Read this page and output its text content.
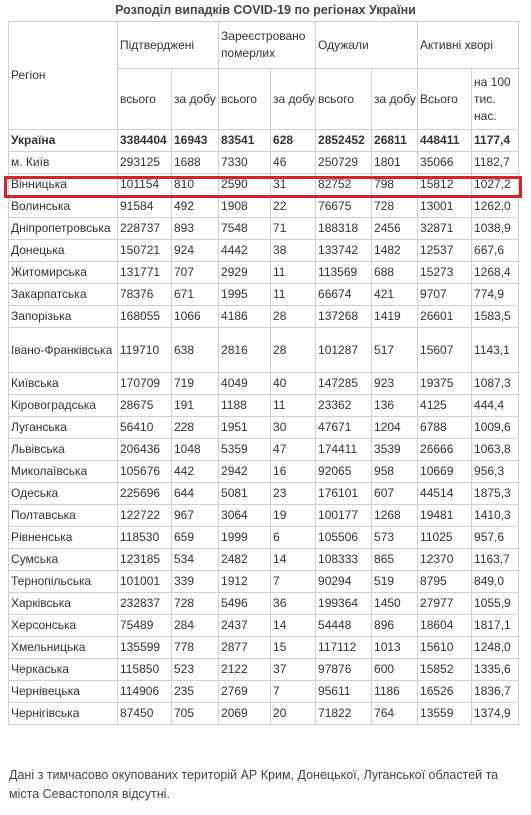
Розподіл випадків COVID-19 по регіонах України
Регіон	Підтверджені		Зареєстровано померлих		Одужали		Активні хворі	
	всього	за добу	всього	за добу	всього	за добу	Всього	на 100 тис. нас.
Україна	3384404	16943	83541	628	2852452	26811	448411	1177,4
м. Київ	293125	1688	7330	46	250729	1801	35066	1182,7
Вінницька	101154	810	2590	31	82752	798	15812	1027,2
Волинська	91584	492	1908	22	76675	728	13001	1262,0
Дніпропетровська	228737	893	7548	71	188318	2456	32871	1038,9
Донецька	150721	924	4442	38	133742	1482	12537	667,6
Житомирська	131771	707	2929	11	113569	688	15273	1268,4
Закарпатська	78376	671	1995	11	66674	421	9707	774,9
Запорізька	168055	1066	4186	28	137268	1419	26601	1583,5
Івано-Франківська	119710	638	2816	28	101287	517	15607	1143,1
Київська	170709	719	4049	40	147285	923	19375	1087,3
Кіровоградська	28675	191	1188	11	23362	136	4125	444,4
Луганська	56410	228	1951	30	47671	1204	6788	1009,6
Львівська	206436	1048	5359	47	174411	3539	26666	1063,8
Миколаївська	105676	442	2942	16	92065	958	10669	956,3
Одеська	225696	644	5081	23	176101	607	44514	1875,3
Полтавська	122722	967	3064	19	100177	1268	19481	1410,3
Рівненська	118530	659	1999	6	105506	573	11025	957,6
Сумська	123185	534	2482	14	108333	865	12370	1163,7
Тернопільська	101001	339	1912	7	90294	519	8795	849,0
Харківська	232837	728	5496	36	199364	1450	27977	1055,9
Херсонська	75489	284	2437	14	54448	896	18604	1817,1
Хмельницька	135599	778	2877	15	117112	1013	15610	1248,0
Черкаська	115850	523	2122	37	97876	600	15852	1335,6
Чернівецька	114906	235	2769	7	95611	1186	16526	1836,7
Чернігівська	87450	705	2069	20	71822	764	13559	1374,9
Дані з тимчасово окупованих територій АР Крим, Донецької, Луганської областей та міста Севастополя відсутні.
